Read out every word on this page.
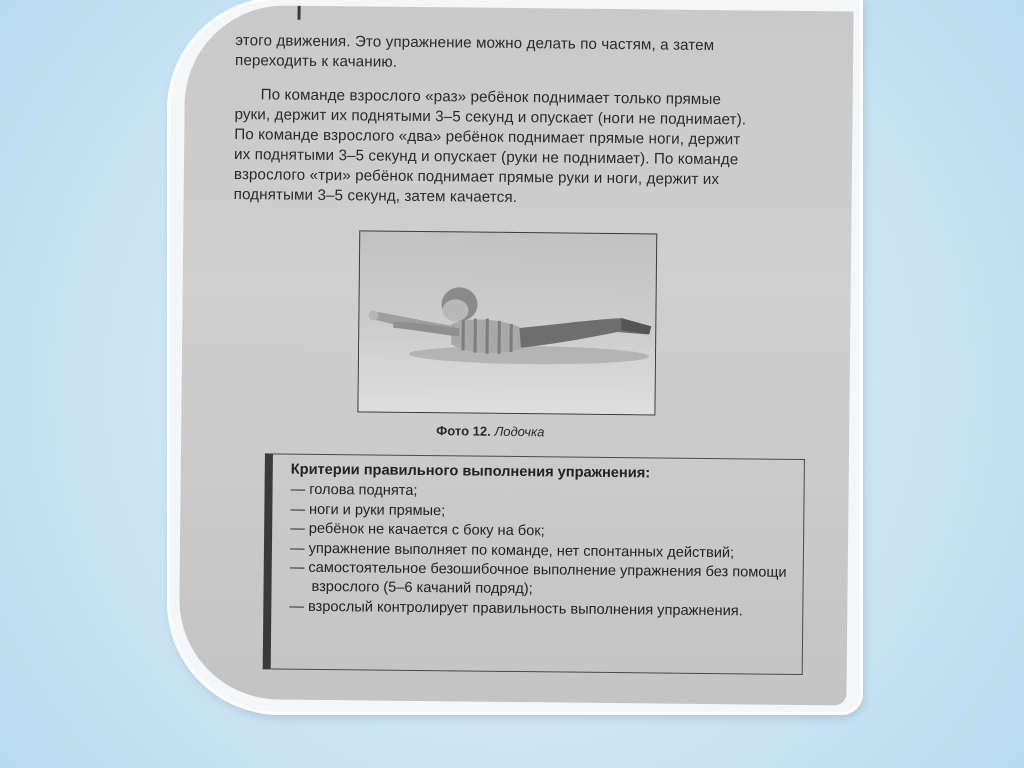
этого движения. Это упражнение можно делать по частям, а затем

переходить к качанию.

По команде взрослого «раз» ребёнок поднимает только прямые

руки, держит их поднятыми 3–5 секунд и опускает (ноги не поднимает).

По команде взрослого «два» ребёнок поднимает прямые ноги, держит

их поднятыми 3–5 секунд и опускает (руки не поднимает). По команде

взрослого «три» ребёнок поднимает прямые руки и ноги, держит их

поднятыми 3–5 секунд, затем качается.

Фото 12. Лодочка
Критерии правильного выполнения упражнения:
— голова поднята;
— ноги и руки прямые;
— ребёнок не качается с боку на бок;
— упражнение выполняет по команде, нет спонтанных действий;
— самостоятельное безошибочное выполнение упражнения без помощи взрослого (5–6 качаний подряд);
— взрослый контролирует правильность выполнения упражнения.
